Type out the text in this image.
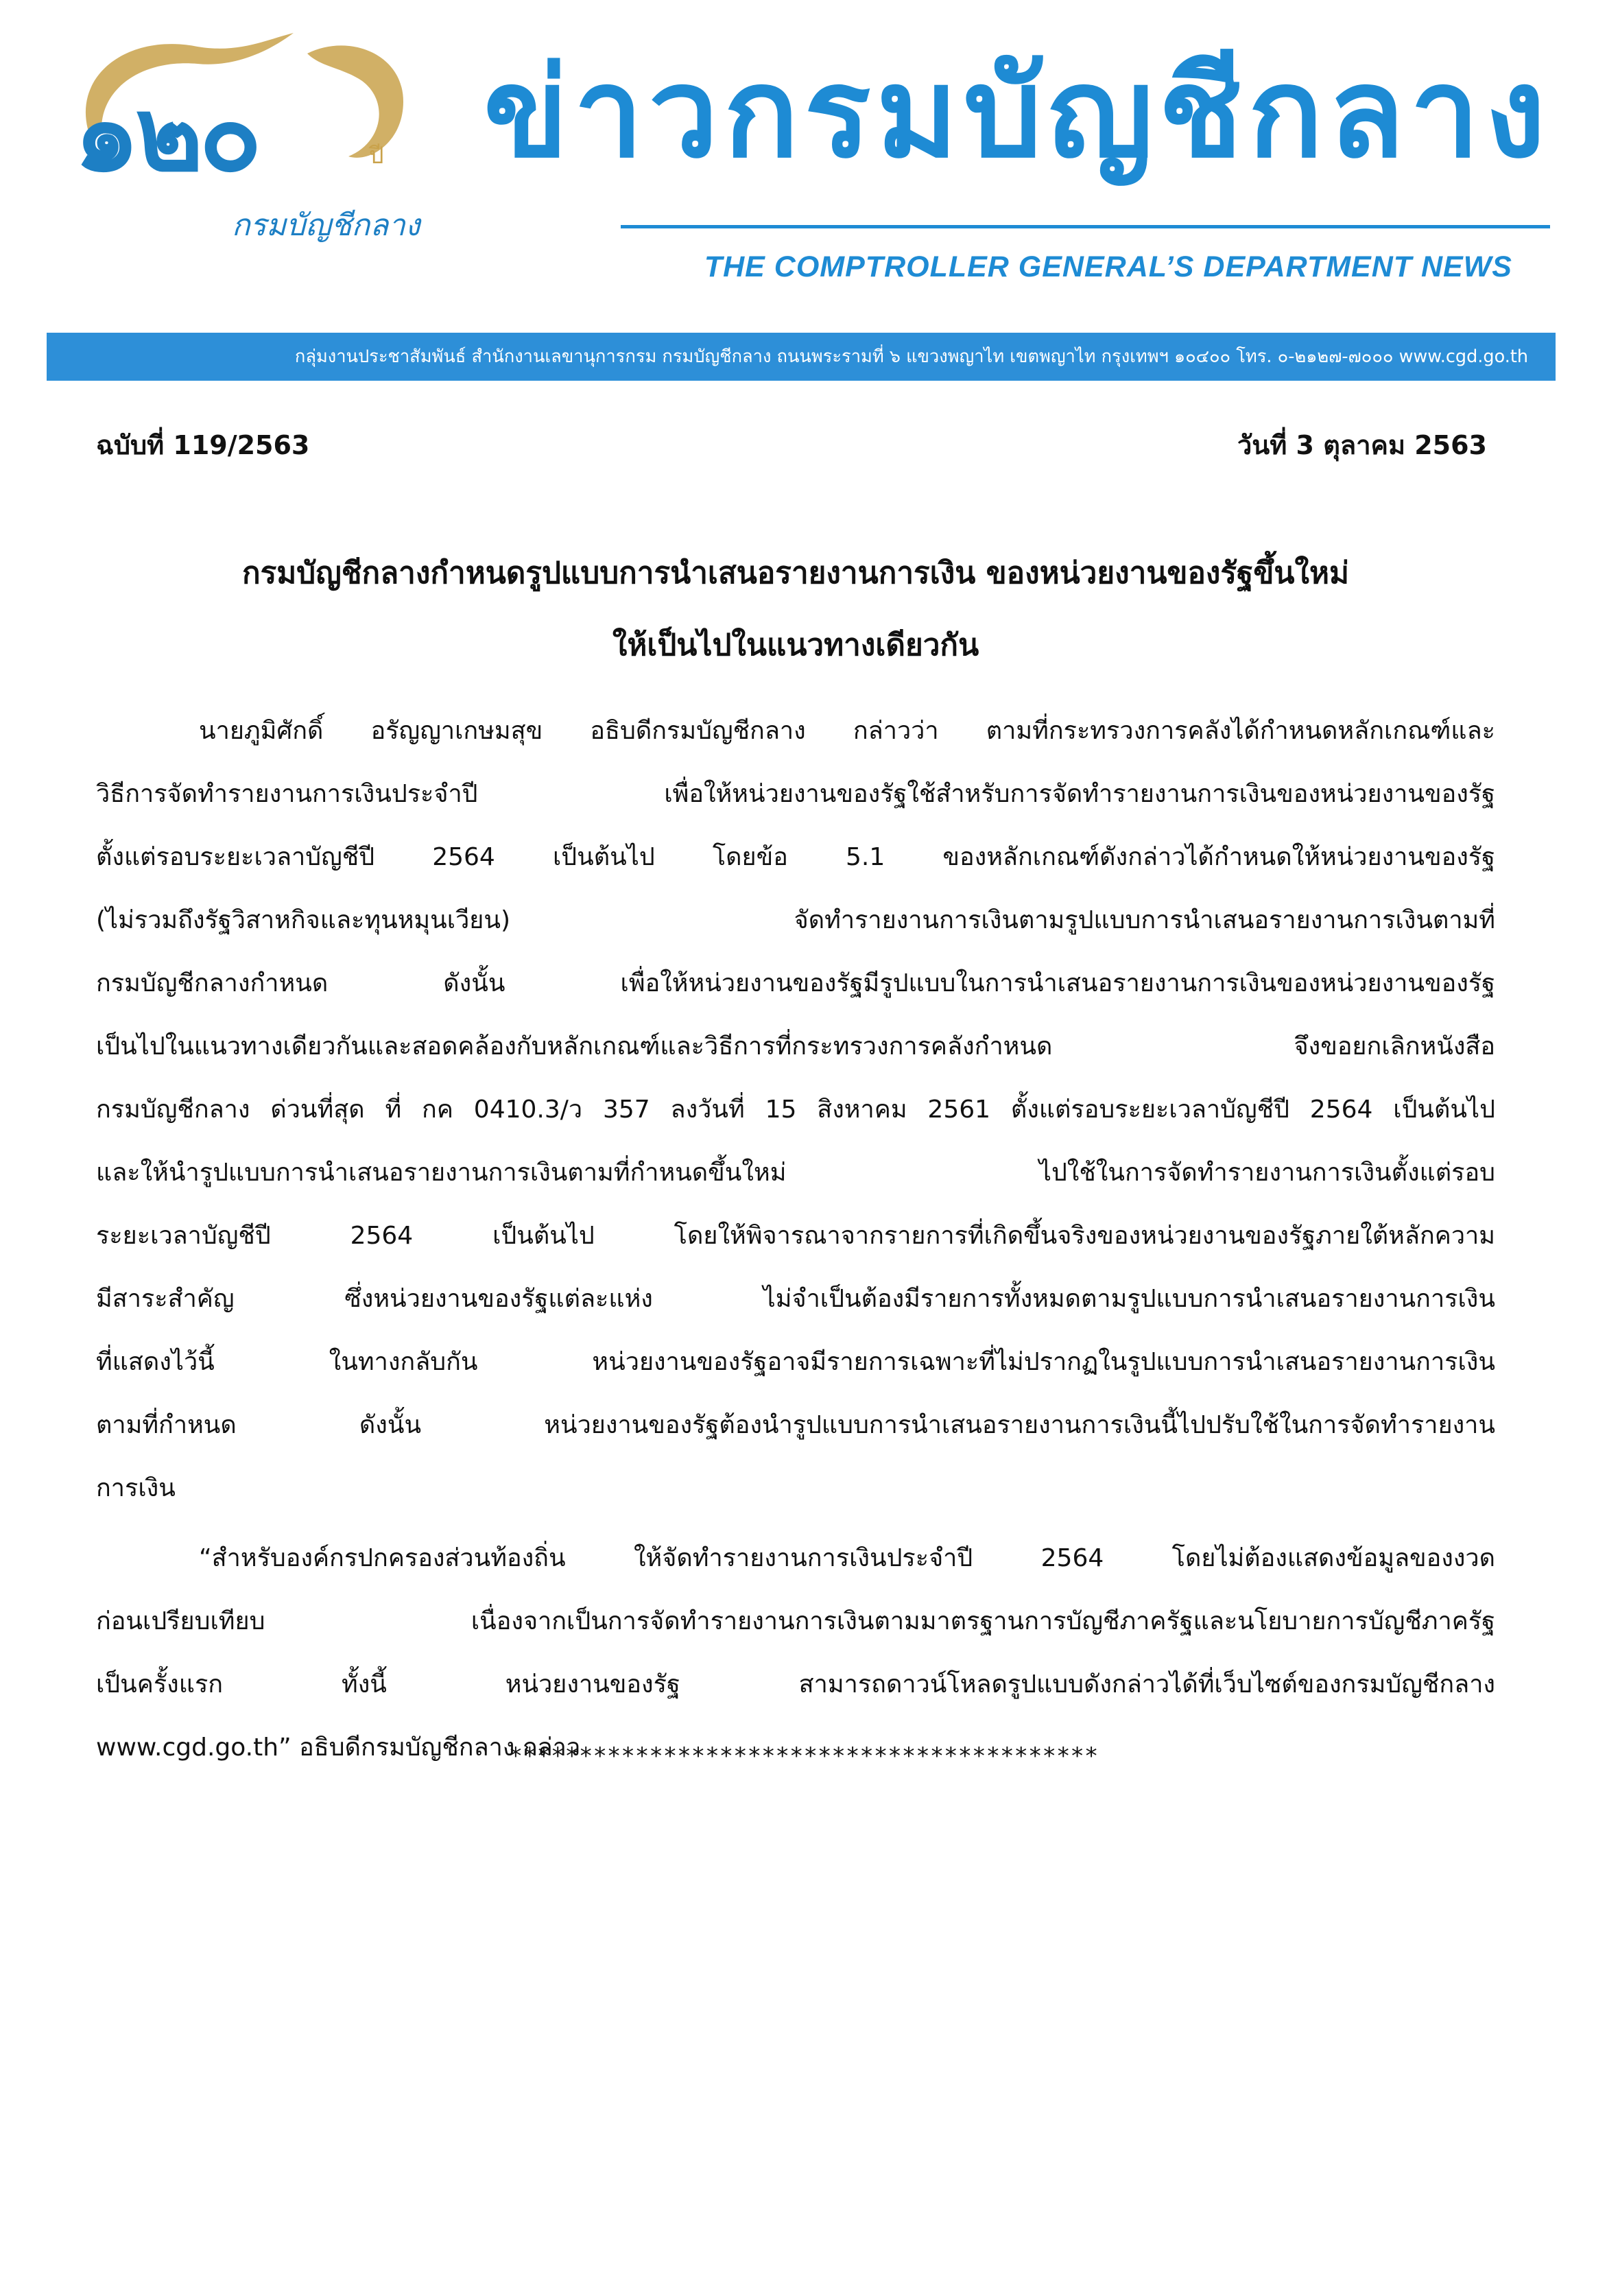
๑๒๐	ปี
กรมบัญชีกลาง
ข่าวกรมบัญชีกลาง
THE COMPTROLLER GENERAL’S DEPARTMENT NEWS
กลุ่มงานประชาสัมพันธ์ สำนักงานเลขานุการกรม กรมบัญชีกลาง ถนนพระรามที่ ๖ แขวงพญาไท เขตพญาไท กรุงเทพฯ ๑๐๔๐๐ โทร. ๐-๒๑๒๗-๗๐๐๐ www.cgd.go.th
ฉบับที่ 119/2563	วันที่ 3 ตุลาคม 2563
กรมบัญชีกลางกำหนดรูปแบบการนำเสนอรายงานการเงิน ของหน่วยงานของรัฐขึ้นใหม่
ให้เป็นไปในแนวทางเดียวกัน

นายภูมิศักดิ์ อรัญญาเกษมสุข อธิบดีกรมบัญชีกลาง กล่าวว่า ตามที่กระทรวงการคลังได้กำหนดหลักเกณฑ์และ
วิธีการจัดทำรายงานการเงินประจำปี เพื่อให้หน่วยงานของรัฐใช้สำหรับการจัดทำรายงานการเงินของหน่วยงานของรัฐ
ตั้งแต่รอบระยะเวลาบัญชีปี 2564 เป็นต้นไป โดยข้อ 5.1 ของหลักเกณฑ์ดังกล่าวได้กำหนดให้หน่วยงานของรัฐ
(ไม่รวมถึงรัฐวิสาหกิจและทุนหมุนเวียน) จัดทำรายงานการเงินตามรูปแบบการนำเสนอรายงานการเงินตามที่
กรมบัญชีกลางกำหนด ดังนั้น เพื่อให้หน่วยงานของรัฐมีรูปแบบในการนำเสนอรายงานการเงินของหน่วยงานของรัฐ
เป็นไปในแนวทางเดียวกันและสอดคล้องกับหลักเกณฑ์และวิธีการที่กระทรวงการคลังกำหนด จึงขอยกเลิกหนังสือ
กรมบัญชีกลาง ด่วนที่สุด ที่ กค 0410.3/ว 357 ลงวันที่ 15 สิงหาคม 2561 ตั้งแต่รอบระยะเวลาบัญชีปี 2564 เป็นต้นไป
และให้นำรูปแบบการนำเสนอรายงานการเงินตามที่กำหนดขึ้นใหม่ ไปใช้ในการจัดทำรายงานการเงินตั้งแต่รอบ
ระยะเวลาบัญชีปี 2564 เป็นต้นไป โดยให้พิจารณาจากรายการที่เกิดขึ้นจริงของหน่วยงานของรัฐภายใต้หลักความ
มีสาระสำคัญ ซึ่งหน่วยงานของรัฐแต่ละแห่ง ไม่จำเป็นต้องมีรายการทั้งหมดตามรูปแบบการนำเสนอรายงานการเงิน
ที่แสดงไว้นี้ ในทางกลับกัน หน่วยงานของรัฐอาจมีรายการเฉพาะที่ไม่ปรากฏในรูปแบบการนำเสนอรายงานการเงิน
ตามที่กำหนด ดังนั้น หน่วยงานของรัฐต้องนำรูปแบบการนำเสนอรายงานการเงินนี้ไปปรับใช้ในการจัดทำรายงาน
การเงิน

“สำหรับองค์กรปกครองส่วนท้องถิ่น ให้จัดทำรายงานการเงินประจำปี 2564 โดยไม่ต้องแสดงข้อมูลของงวด
ก่อนเปรียบเทียบ เนื่องจากเป็นการจัดทำรายงานการเงินตามมาตรฐานการบัญชีภาครัฐและนโยบายการบัญชีภาครัฐ
เป็นครั้งแรก ทั้งนี้ หน่วยงานของรัฐ สามารถดาวน์โหลดรูปแบบดังกล่าวได้ที่เว็บไซต์ของกรมบัญชีกลาง
www.cgd.go.th” อธิบดีกรมบัญชีกลาง กล่าว

******************************************
